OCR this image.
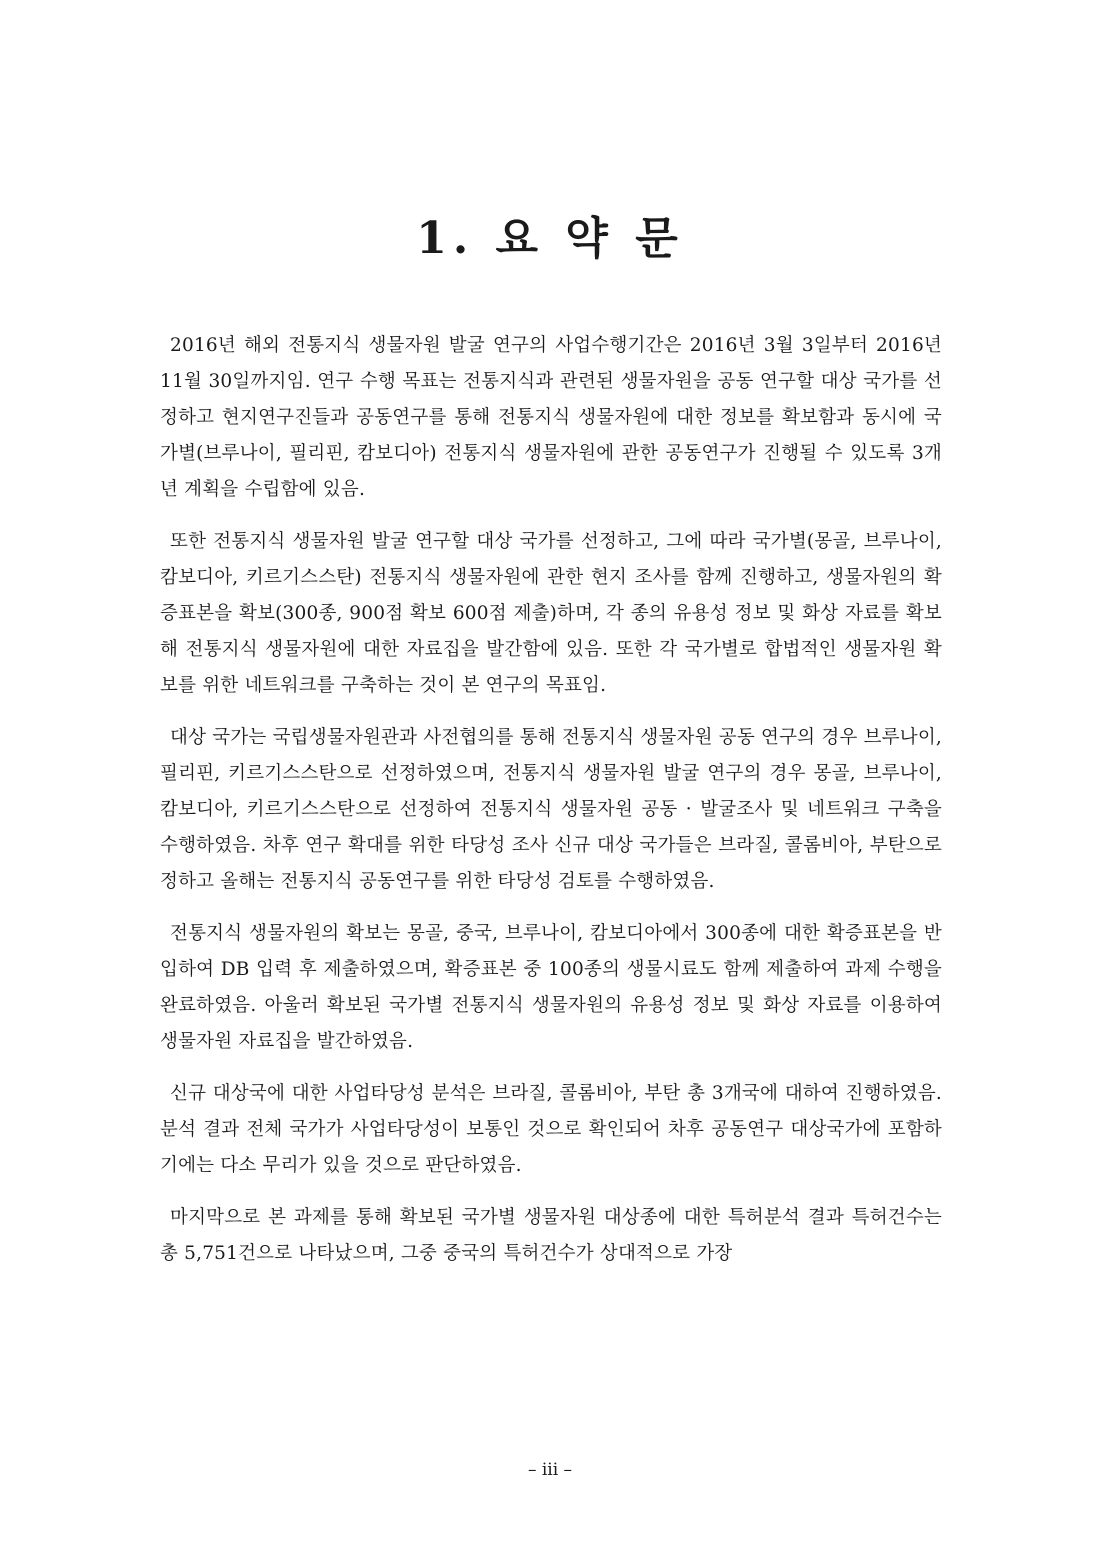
1. 요 약 문

2016년 해외 전통지식 생물자원 발굴 연구의 사업수행기간은 2016년 3월 3일부터 2016년 11월 30일까지임. 연구 수행 목표는 전통지식과 관련된 생물자원을 공동 연구할 대상 국가를 선정하고 현지연구진들과 공동연구를 통해 전통지식 생물자원에 대한 정보를 확보함과 동시에 국가별(브루나이, 필리핀, 캄보디아) 전통지식 생물자원에 관한 공동연구가 진행될 수 있도록 3개년 계획을 수립함에 있음.

또한 전통지식 생물자원 발굴 연구할 대상 국가를 선정하고, 그에 따라 국가별(몽골, 브루나이, 캄보디아, 키르기스스탄) 전통지식 생물자원에 관한 현지 조사를 함께 진행하고, 생물자원의 확증표본을 확보(300종, 900점 확보 600점 제출)하며, 각 종의 유용성 정보 및 화상 자료를 확보해 전통지식 생물자원에 대한 자료집을 발간함에 있음. 또한 각 국가별로 합법적인 생물자원 확보를 위한 네트워크를 구축하는 것이 본 연구의 목표임.

대상 국가는 국립생물자원관과 사전협의를 통해 전통지식 생물자원 공동 연구의 경우 브루나이, 필리핀, 키르기스스탄으로 선정하였으며, 전통지식 생물자원 발굴 연구의 경우 몽골, 브루나이, 캄보디아, 키르기스스탄으로 선정하여 전통지식 생물자원 공동 · 발굴조사 및 네트워크 구축을 수행하였음. 차후 연구 확대를 위한 타당성 조사 신규 대상 국가들은 브라질, 콜롬비아, 부탄으로 정하고 올해는 전통지식 공동연구를 위한 타당성 검토를 수행하였음.

전통지식 생물자원의 확보는 몽골, 중국, 브루나이, 캄보디아에서 300종에 대한 확증표본을 반입하여 DB 입력 후 제출하였으며, 확증표본 중 100종의 생물시료도 함께 제출하여 과제 수행을 완료하였음. 아울러 확보된 국가별 전통지식 생물자원의 유용성 정보 및 화상 자료를 이용하여 생물자원 자료집을 발간하였음.

신규 대상국에 대한 사업타당성 분석은 브라질, 콜롬비아, 부탄 총 3개국에 대하여 진행하였음. 분석 결과 전체 국가가 사업타당성이 보통인 것으로 확인되어 차후 공동연구 대상국가에 포함하기에는 다소 무리가 있을 것으로 판단하였음.

마지막으로 본 과제를 통해 확보된 국가별 생물자원 대상종에 대한 특허분석 결과 특허건수는 총 5,751건으로 나타났으며, 그중 중국의 특허건수가 상대적으로 가장

– iii –
